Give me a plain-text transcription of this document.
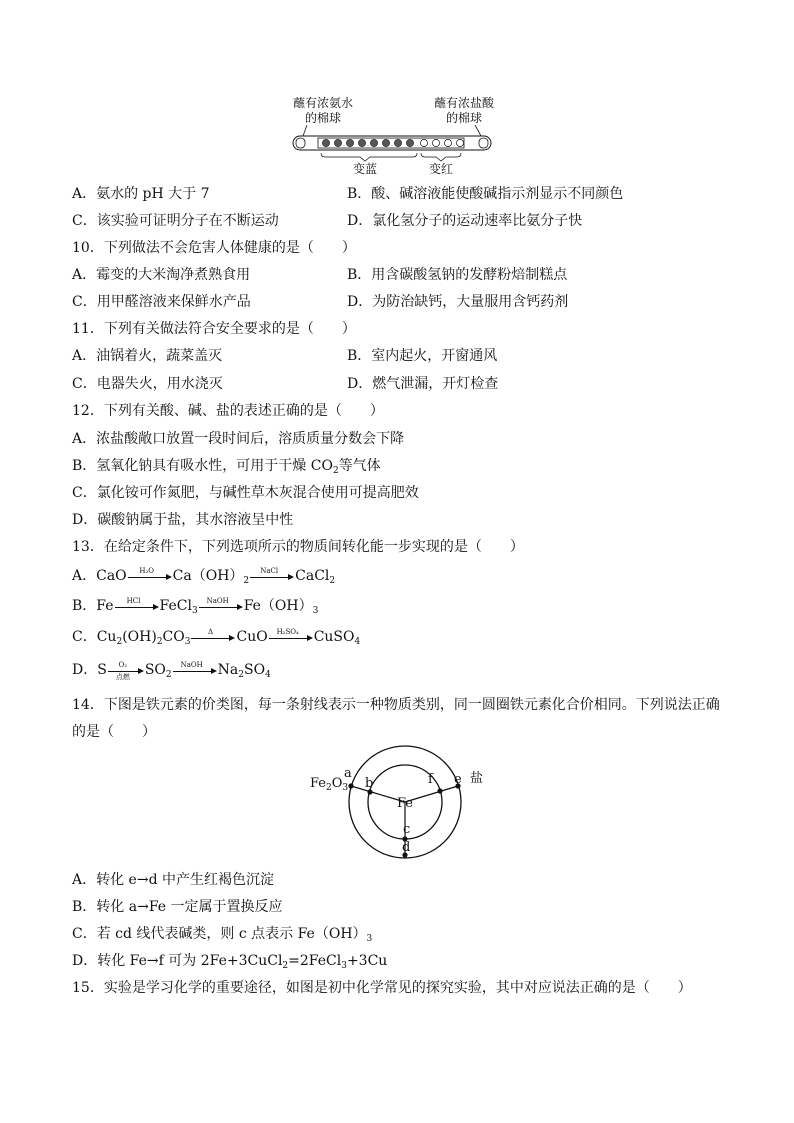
蘸有浓氨水
的棉球
蘸有浓盐酸
的棉球
变蓝	变红
A．氨水的 pH 大于 7	B．酸、碱溶液能使酸碱指示剂显示不同颜色
C．该实验可证明分子在不断运动	D．氯化氢分子的运动速率比氨分子快
10．下列做法不会危害人体健康的是（　　）
A．霉变的大米淘净煮熟食用	B．用含碳酸氢钠的发酵粉焙制糕点
C．用甲醛溶液来保鲜水产品	D．为防治缺钙，大量服用含钙药剂
11．下列有关做法符合安全要求的是（　　）
A．油锅着火，蔬菜盖灭	B．室内起火，开窗通风
C．电器失火，用水浇灭	D．燃气泄漏，开灯检查
12．下列有关酸、碱、盐的表述正确的是（　　）
A．浓盐酸敞口放置一段时间后，溶质质量分数会下降
B．氢氧化钠具有吸水性，可用于干燥 $CO_2$等气体
C．氯化铵可作氮肥，与碱性草木灰混合使用可提高肥效
D．碳酸钠属于盐，其水溶液呈中性
13．在给定条件下，下列选项所示的物质间转化能一步实现的是（　　）
A．CaO	H₂O	$Ca(OH)_2$
NaCl	CaCl$_2$
B．Fe	HCl	FeCl$_3$
NaOH	$Fe(OH)_3$
C．$Cu_2(OH)_2CO_3$
Δ	CuO	H₂SO₄	CuSO$_4$
D．S	O₂
点燃	$SO_2$
NaOH	$Na_2SO_4$
14．下图是铁元素的价类图，每一条射线表示一种物质类别，同一圆圈铁元素化合价相同。下列说法正确
的是（　　）
$Fe_2O_3$
a
b
Fe
f e 盐
c
d
A．转化 e→d 中产生红褐色沉淀
B．转化 a→Fe 一定属于置换反应
C．若 cd 线代表碱类，则 c 点表示 $Fe(OH)_3$
D．转化 Fe→f 可为 2Fe+3CuCl$_2$=2FeCl$_3$+3Cu
15．实验是学习化学的重要途径，如图是初中化学常见的探究实验，其中对应说法正确的是（　　）
